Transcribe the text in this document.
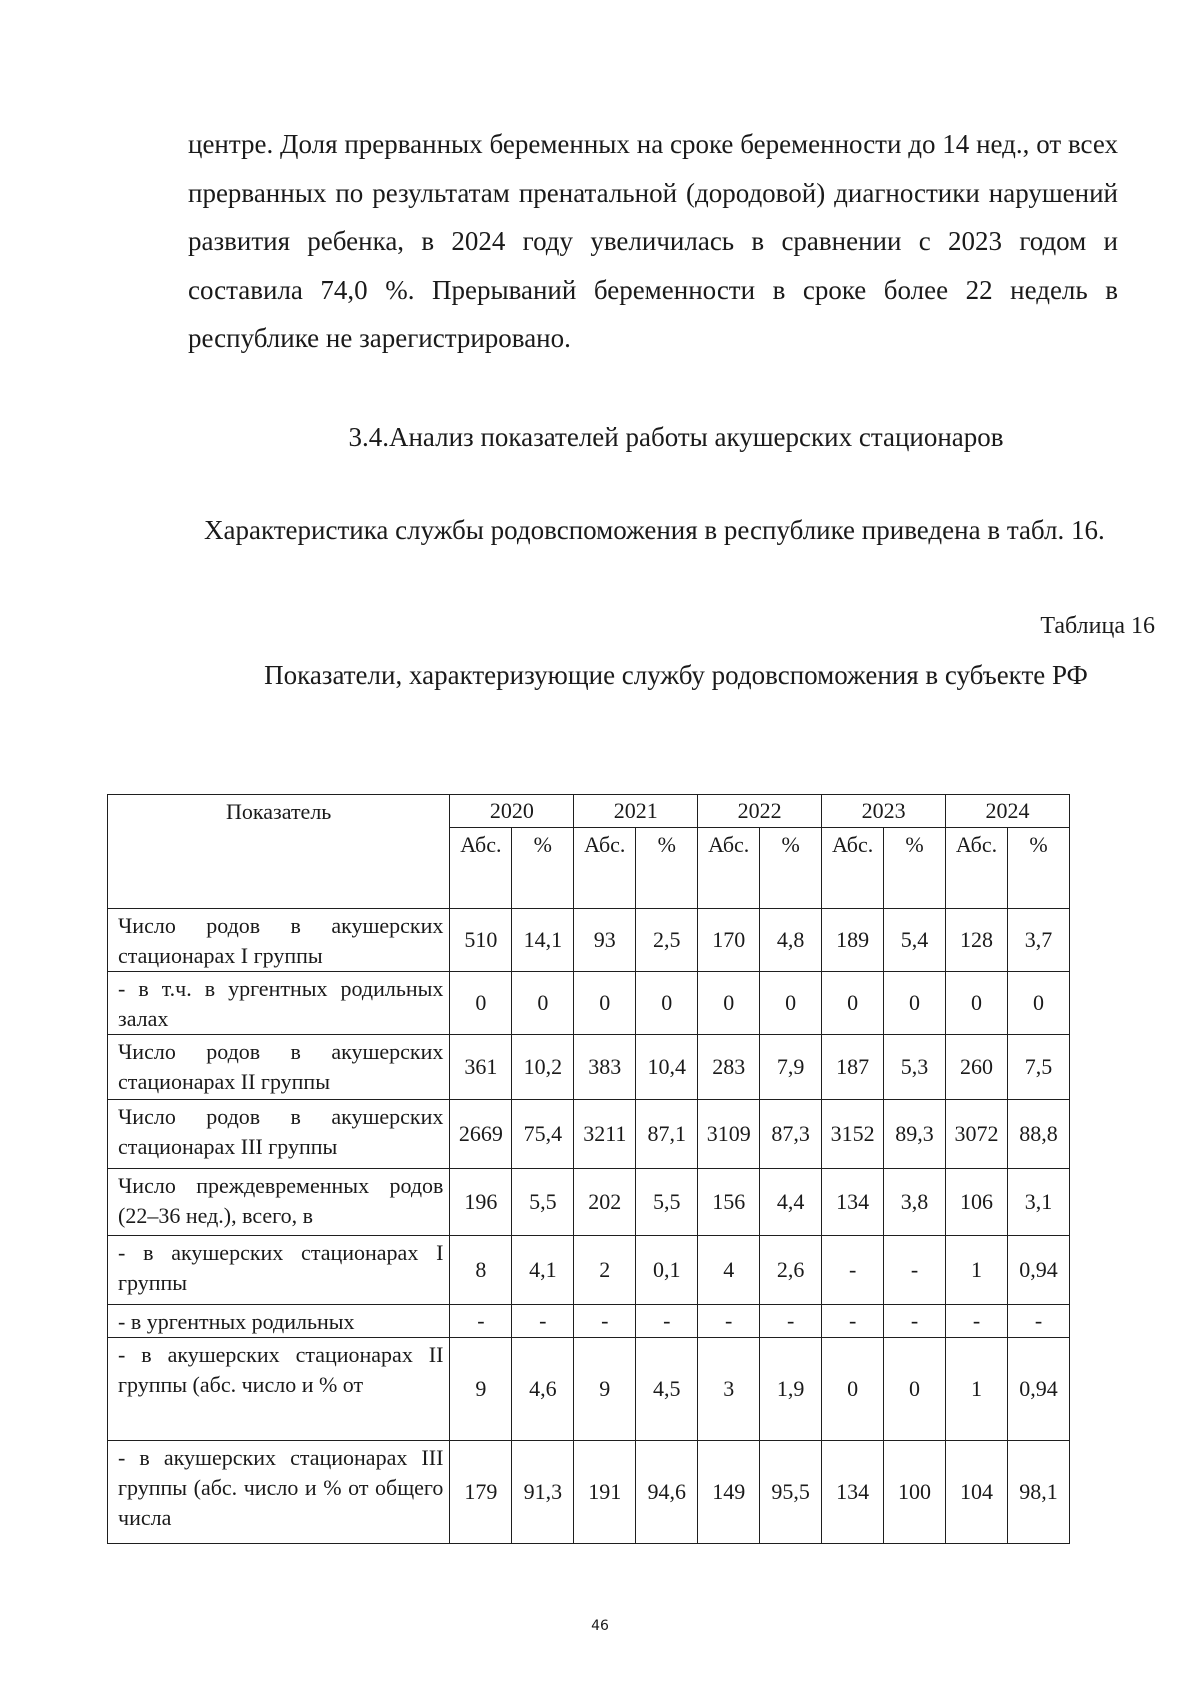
центре. Доля прерванных беременных на сроке беременности до 14 нед., от всех прерванных по результатам пренатальной (дородовой) диагностики нарушений развития ребенка, в 2024 году увеличилась в сравнении с 2023 годом и составила 74,0 %. Прерываний беременности в сроке более 22 недель в республике не зарегистрировано.

3.4.Анализ показателей работы акушерских стационаров

Характеристика службы родовспоможения в республике приведена в табл. 16.

Таблица 16

Показатели, характеризующие службу родовспоможения в субъекте РФ

Показатель	2020		2021		2022		2023		2024	
	Абс.	%	Абс.	%	Абс.	%	Абс.	%	Абс.	%
Число родов в акушерских стационарах I группы	510	14,1	93	2,5	170	4,8	189	5,4	128	3,7
- в т.ч. в ургентных родильных залах	0	0	0	0	0	0	0	0	0	0
Число родов в акушерских стационарах II группы	361	10,2	383	10,4	283	7,9	187	5,3	260	7,5
Число родов в акушерских стационарах III группы	2669	75,4	3211	87,1	3109	87,3	3152	89,3	3072	88,8
Число преждевременных родов (22–36 нед.), всего, в	196	5,5	202	5,5	156	4,4	134	3,8	106	3,1
- в акушерских стационарах I группы	8	4,1	2	0,1	4	2,6	-	-	1	0,94
- в ургентных родильных	-	-	-	-	-	-	-	-	-	-
- в акушерских стационарах II группы (абс. число и % от	9	4,6	9	4,5	3	1,9	0	0	1	0,94
- в акушерских стационарах III группы (абс. число и % от общего числа	179	91,3	191	94,6	149	95,5	134	100	104	98,1
46
